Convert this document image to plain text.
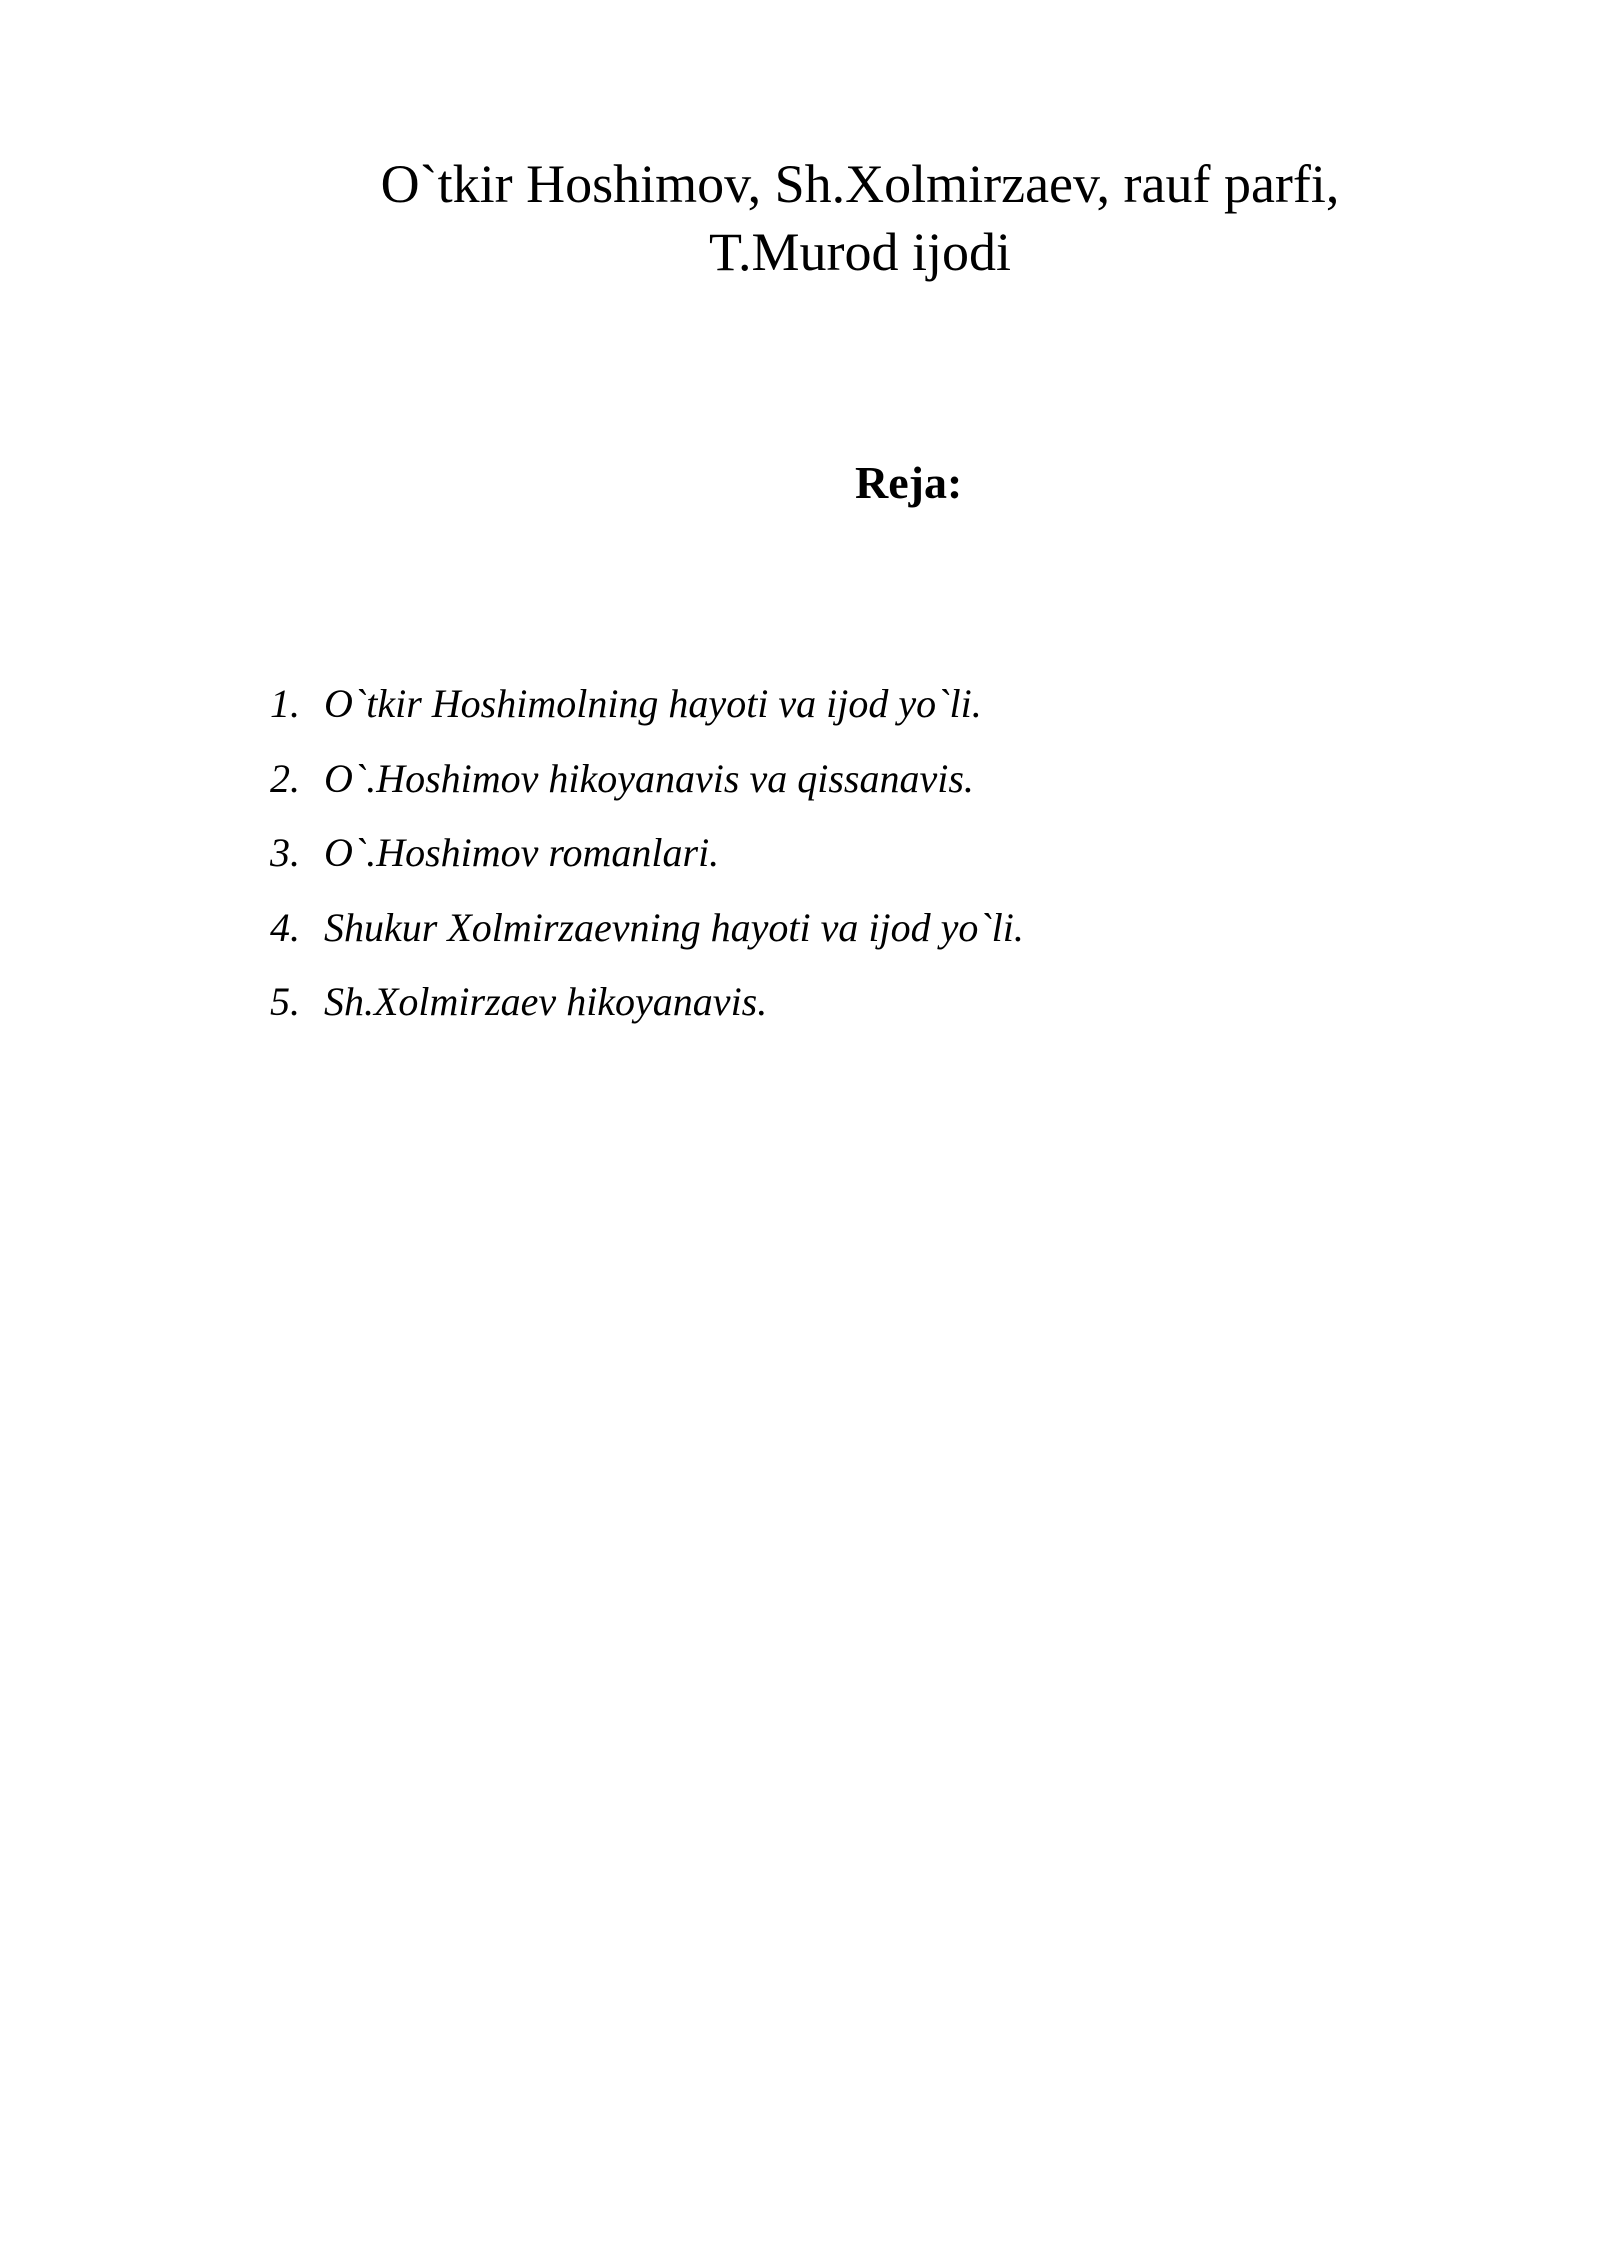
O`tkir Hoshimov, Sh.Xolmirzaev, rauf parfi,
T.Murod ijodi
Reja:
1. O`tkir Hoshimolning hayoti va ijod yo`li.
2. O`.Hoshimov hikoyanavis va qissanavis.
3. O`.Hoshimov romanlari.
4. Shukur Xolmirzaevning hayoti va ijod yo`li.
5. Sh.Xolmirzaev hikoyanavis.
